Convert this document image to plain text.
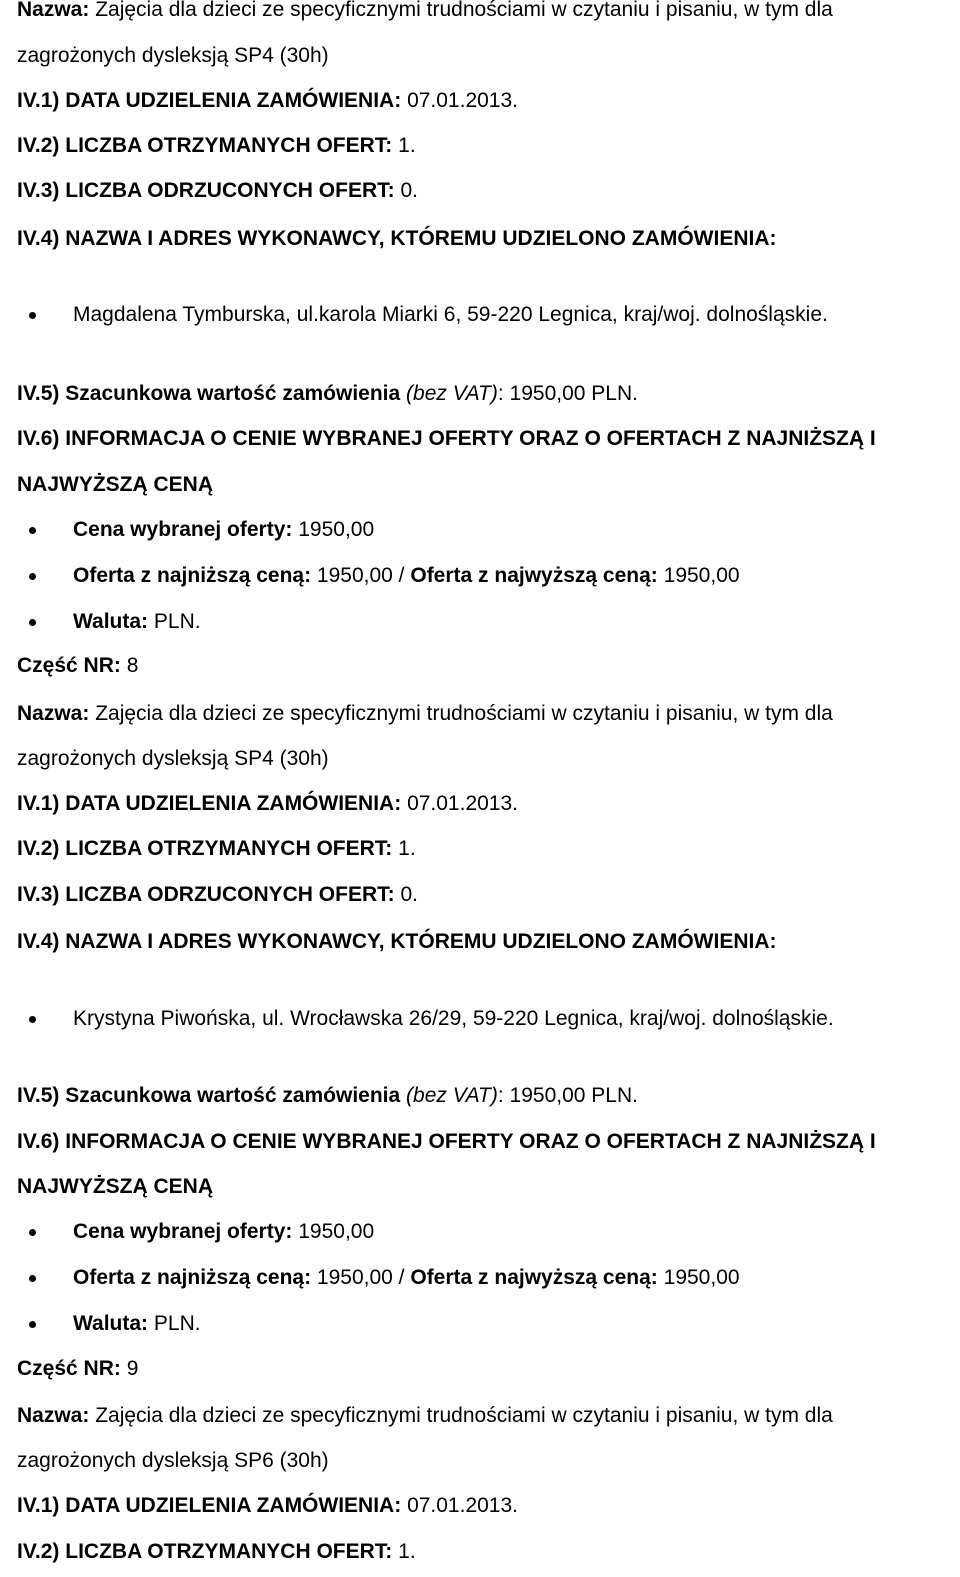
Nazwa: Zajęcia dla dzieci ze specyficznymi trudnościami w czytaniu i pisaniu, w tym dla
zagrożonych dysleksją SP4 (30h)
IV.1) DATA UDZIELENIA ZAMÓWIENIA: 07.01.2013.
IV.2) LICZBA OTRZYMANYCH OFERT: 1.
IV.3) LICZBA ODRZUCONYCH OFERT: 0.
IV.4) NAZWA I ADRES WYKONAWCY, KTÓREMU UDZIELONO ZAMÓWIENIA:
Magdalena Tymburska, ul.karola Miarki 6, 59-220 Legnica, kraj/woj. dolnośląskie.
IV.5) Szacunkowa wartość zamówienia (bez VAT): 1950,00 PLN.
IV.6) INFORMACJA O CENIE WYBRANEJ OFERTY ORAZ O OFERTACH Z NAJNIŻSZĄ I
NAJWYŻSZĄ CENĄ
Cena wybranej oferty: 1950,00
Oferta z najniższą ceną: 1950,00 / Oferta z najwyższą ceną: 1950,00
Waluta: PLN.
Część NR: 8
Nazwa: Zajęcia dla dzieci ze specyficznymi trudnościami w czytaniu i pisaniu, w tym dla
zagrożonych dysleksją SP4 (30h)
IV.1) DATA UDZIELENIA ZAMÓWIENIA: 07.01.2013.
IV.2) LICZBA OTRZYMANYCH OFERT: 1.
IV.3) LICZBA ODRZUCONYCH OFERT: 0.
IV.4) NAZWA I ADRES WYKONAWCY, KTÓREMU UDZIELONO ZAMÓWIENIA:
Krystyna Piwońska, ul. Wrocławska 26/29, 59-220 Legnica, kraj/woj. dolnośląskie.
IV.5) Szacunkowa wartość zamówienia (bez VAT): 1950,00 PLN.
IV.6) INFORMACJA O CENIE WYBRANEJ OFERTY ORAZ O OFERTACH Z NAJNIŻSZĄ I
NAJWYŻSZĄ CENĄ
Cena wybranej oferty: 1950,00
Oferta z najniższą ceną: 1950,00 / Oferta z najwyższą ceną: 1950,00
Waluta: PLN.
Część NR: 9
Nazwa: Zajęcia dla dzieci ze specyficznymi trudnościami w czytaniu i pisaniu, w tym dla
zagrożonych dysleksją SP6 (30h)
IV.1) DATA UDZIELENIA ZAMÓWIENIA: 07.01.2013.
IV.2) LICZBA OTRZYMANYCH OFERT: 1.
